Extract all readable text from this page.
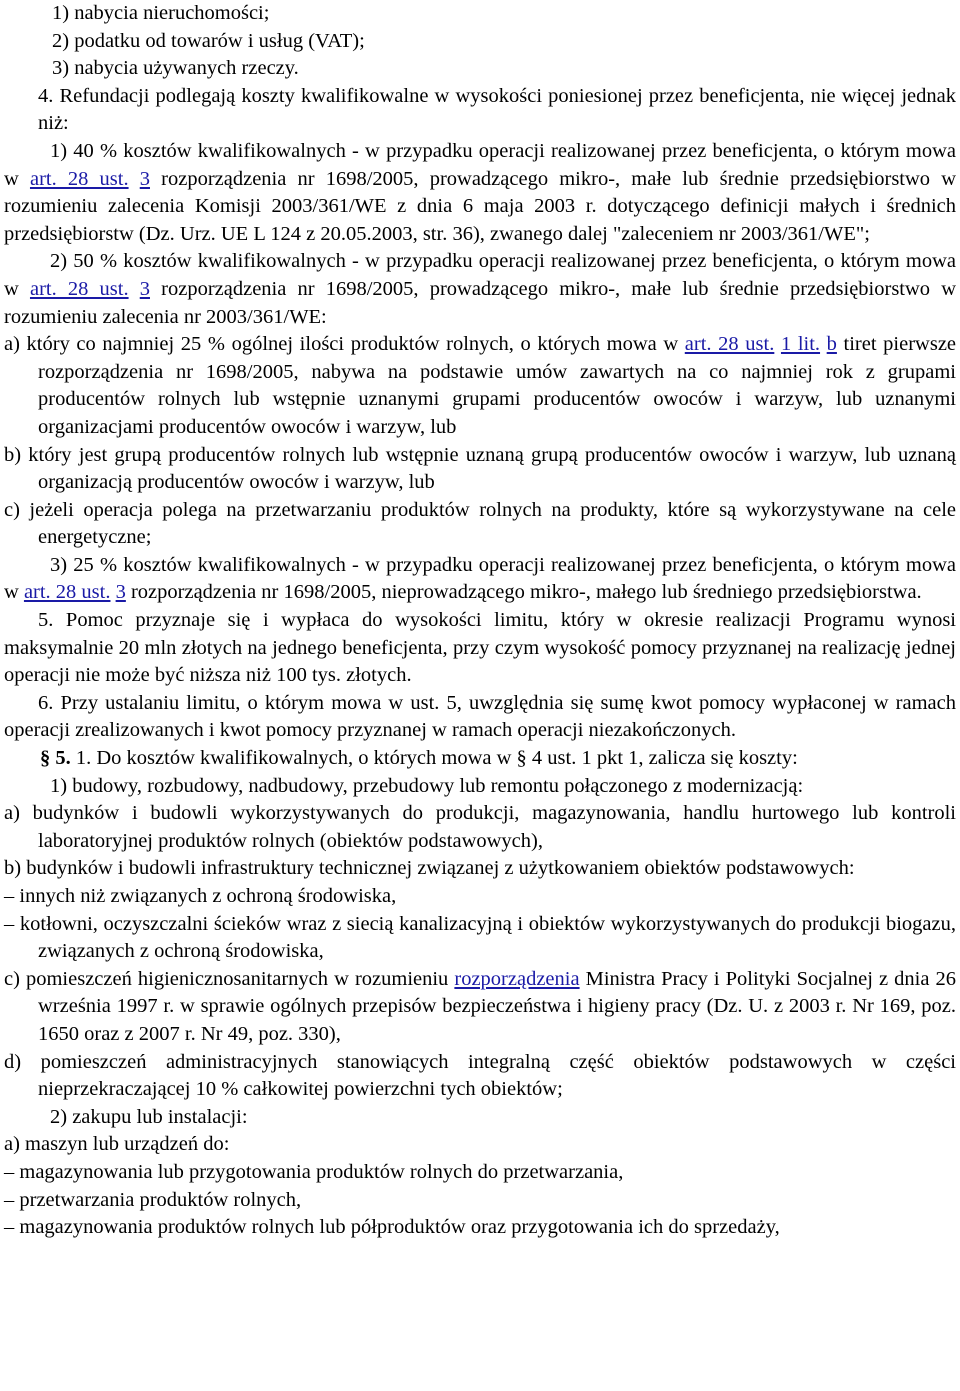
1) nabycia nieruchomości;

2) podatku od towarów i usług (VAT);

3) nabycia używanych rzeczy.

4. Refundacji podlegają koszty kwalifikowalne w wysokości poniesionej przez beneficjenta, nie więcej jednak niż:

1) 40 % kosztów kwalifikowalnych - w przypadku operacji realizowanej przez beneficjenta, o którym mowa w art. 28 ust. 3 rozporządzenia nr 1698/2005, prowadzącego mikro-, małe lub średnie przedsiębiorstwo w rozumieniu zalecenia Komisji 2003/361/WE z dnia 6 maja 2003 r. dotyczącego definicji małych i średnich przedsiębiorstw (Dz. Urz. UE L 124 z 20.05.2003, str. 36), zwanego dalej "zaleceniem nr 2003/361/WE";

2) 50 % kosztów kwalifikowalnych - w przypadku operacji realizowanej przez beneficjenta, o którym mowa w art. 28 ust. 3 rozporządzenia nr 1698/2005, prowadzącego mikro-, małe lub średnie przedsiębiorstwo w rozumieniu zalecenia nr 2003/361/WE:

a) który co najmniej 25 % ogólnej ilości produktów rolnych, o których mowa w art. 28 ust. 1 lit. b tiret pierwsze rozporządzenia nr 1698/2005, nabywa na podstawie umów zawartych na co najmniej rok z grupami producentów rolnych lub wstępnie uznanymi grupami producentów owoców i warzyw, lub uznanymi organizacjami producentów owoców i warzyw, lub

b) który jest grupą producentów rolnych lub wstępnie uznaną grupą producentów owoców i warzyw, lub uznaną organizacją producentów owoców i warzyw, lub

c) jeżeli operacja polega na przetwarzaniu produktów rolnych na produkty, które są wykorzystywane na cele energetyczne;

3) 25 % kosztów kwalifikowalnych - w przypadku operacji realizowanej przez beneficjenta, o którym mowa w art. 28 ust. 3 rozporządzenia nr 1698/2005, nieprowadzącego mikro-, małego lub średniego przedsiębiorstwa.

5. Pomoc przyznaje się i wypłaca do wysokości limitu, który w okresie realizacji Programu wynosi maksymalnie 20 mln złotych na jednego beneficjenta, przy czym wysokość pomocy przyznanej na realizację jednej operacji nie może być niższa niż 100 tys. złotych.

6. Przy ustalaniu limitu, o którym mowa w ust. 5, uwzględnia się sumę kwot pomocy wypłaconej w ramach operacji zrealizowanych i kwot pomocy przyznanej w ramach operacji niezakończonych.

§ 5. 1. Do kosztów kwalifikowalnych, o których mowa w § 4 ust. 1 pkt 1, zalicza się koszty:

1) budowy, rozbudowy, nadbudowy, przebudowy lub remontu połączonego z modernizacją:

a) budynków i budowli wykorzystywanych do produkcji, magazynowania, handlu hurtowego lub kontroli laboratoryjnej produktów rolnych (obiektów podstawowych),

b) budynków i budowli infrastruktury technicznej związanej z użytkowaniem obiektów podstawowych:

– innych niż związanych z ochroną środowiska,

– kotłowni, oczyszczalni ścieków wraz z siecią kanalizacyjną i obiektów wykorzystywanych do produkcji biogazu, związanych z ochroną środowiska,

c) pomieszczeń higienicznosanitarnych w rozumieniu rozporządzenia Ministra Pracy i Polityki Socjalnej z dnia 26 września 1997 r. w sprawie ogólnych przepisów bezpieczeństwa i higieny pracy (Dz. U. z 2003 r. Nr 169, poz. 1650 oraz z 2007 r. Nr 49, poz. 330),

d) pomieszczeń administracyjnych stanowiących integralną część obiektów podstawowych w części nieprzekraczającej 10 % całkowitej powierzchni tych obiektów;

2) zakupu lub instalacji:

a) maszyn lub urządzeń do:

– magazynowania lub przygotowania produktów rolnych do przetwarzania,

– przetwarzania produktów rolnych,

– magazynowania produktów rolnych lub półproduktów oraz przygotowania ich do sprzedaży,
